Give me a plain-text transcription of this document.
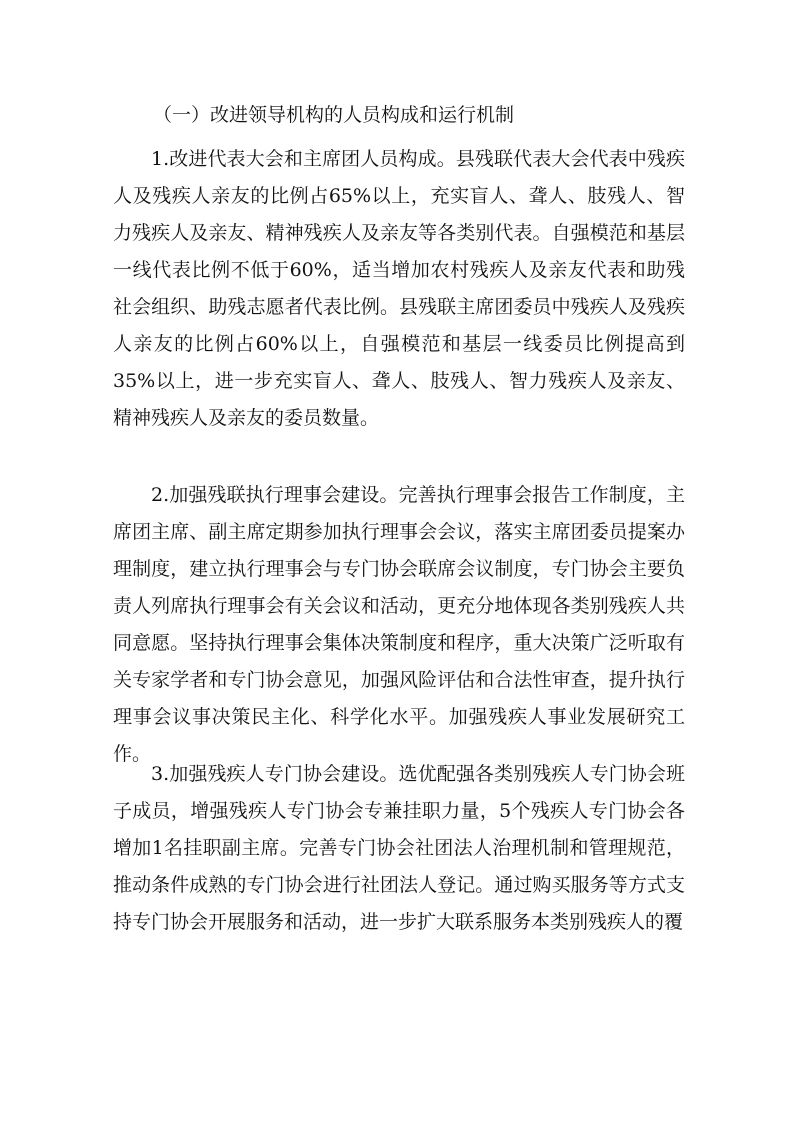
（一）改进领导机构的人员构成和运行机制

1.改进代表大会和主席团人员构成。县残联代表大会代表中残疾人及残疾人亲友的比例占65%以上，充实盲人、聋人、肢残人、智力残疾人及亲友、精神残疾人及亲友等各类别代表。自强模范和基层一线代表比例不低于60%，适当增加农村残疾人及亲友代表和助残社会组织、助残志愿者代表比例。县残联主席团委员中残疾人及残疾人亲友的比例占60%以上，自强模范和基层一线委员比例提高到35%以上，进一步充实盲人、聋人、肢残人、智力残疾人及亲友、精神残疾人及亲友的委员数量。

2.加强残联执行理事会建设。完善执行理事会报告工作制度，主席团主席、副主席定期参加执行理事会会议，落实主席团委员提案办理制度，建立执行理事会与专门协会联席会议制度，专门协会主要负责人列席执行理事会有关会议和活动，更充分地体现各类别残疾人共同意愿。坚持执行理事会集体决策制度和程序，重大决策广泛听取有关专家学者和专门协会意见，加强风险评估和合法性审查，提升执行理事会议事决策民主化、科学化水平。加强残疾人事业发展研究工作。

3.加强残疾人专门协会建设。选优配强各类别残疾人专门协会班子成员，增强残疾人专门协会专兼挂职力量，5个残疾人专门协会各增加1名挂职副主席。完善专门协会社团法人治理机制和管理规范，推动条件成熟的专门协会进行社团法人登记。通过购买服务等方式支持专门协会开展服务和活动，进一步扩大联系服务本类别残疾人的覆
